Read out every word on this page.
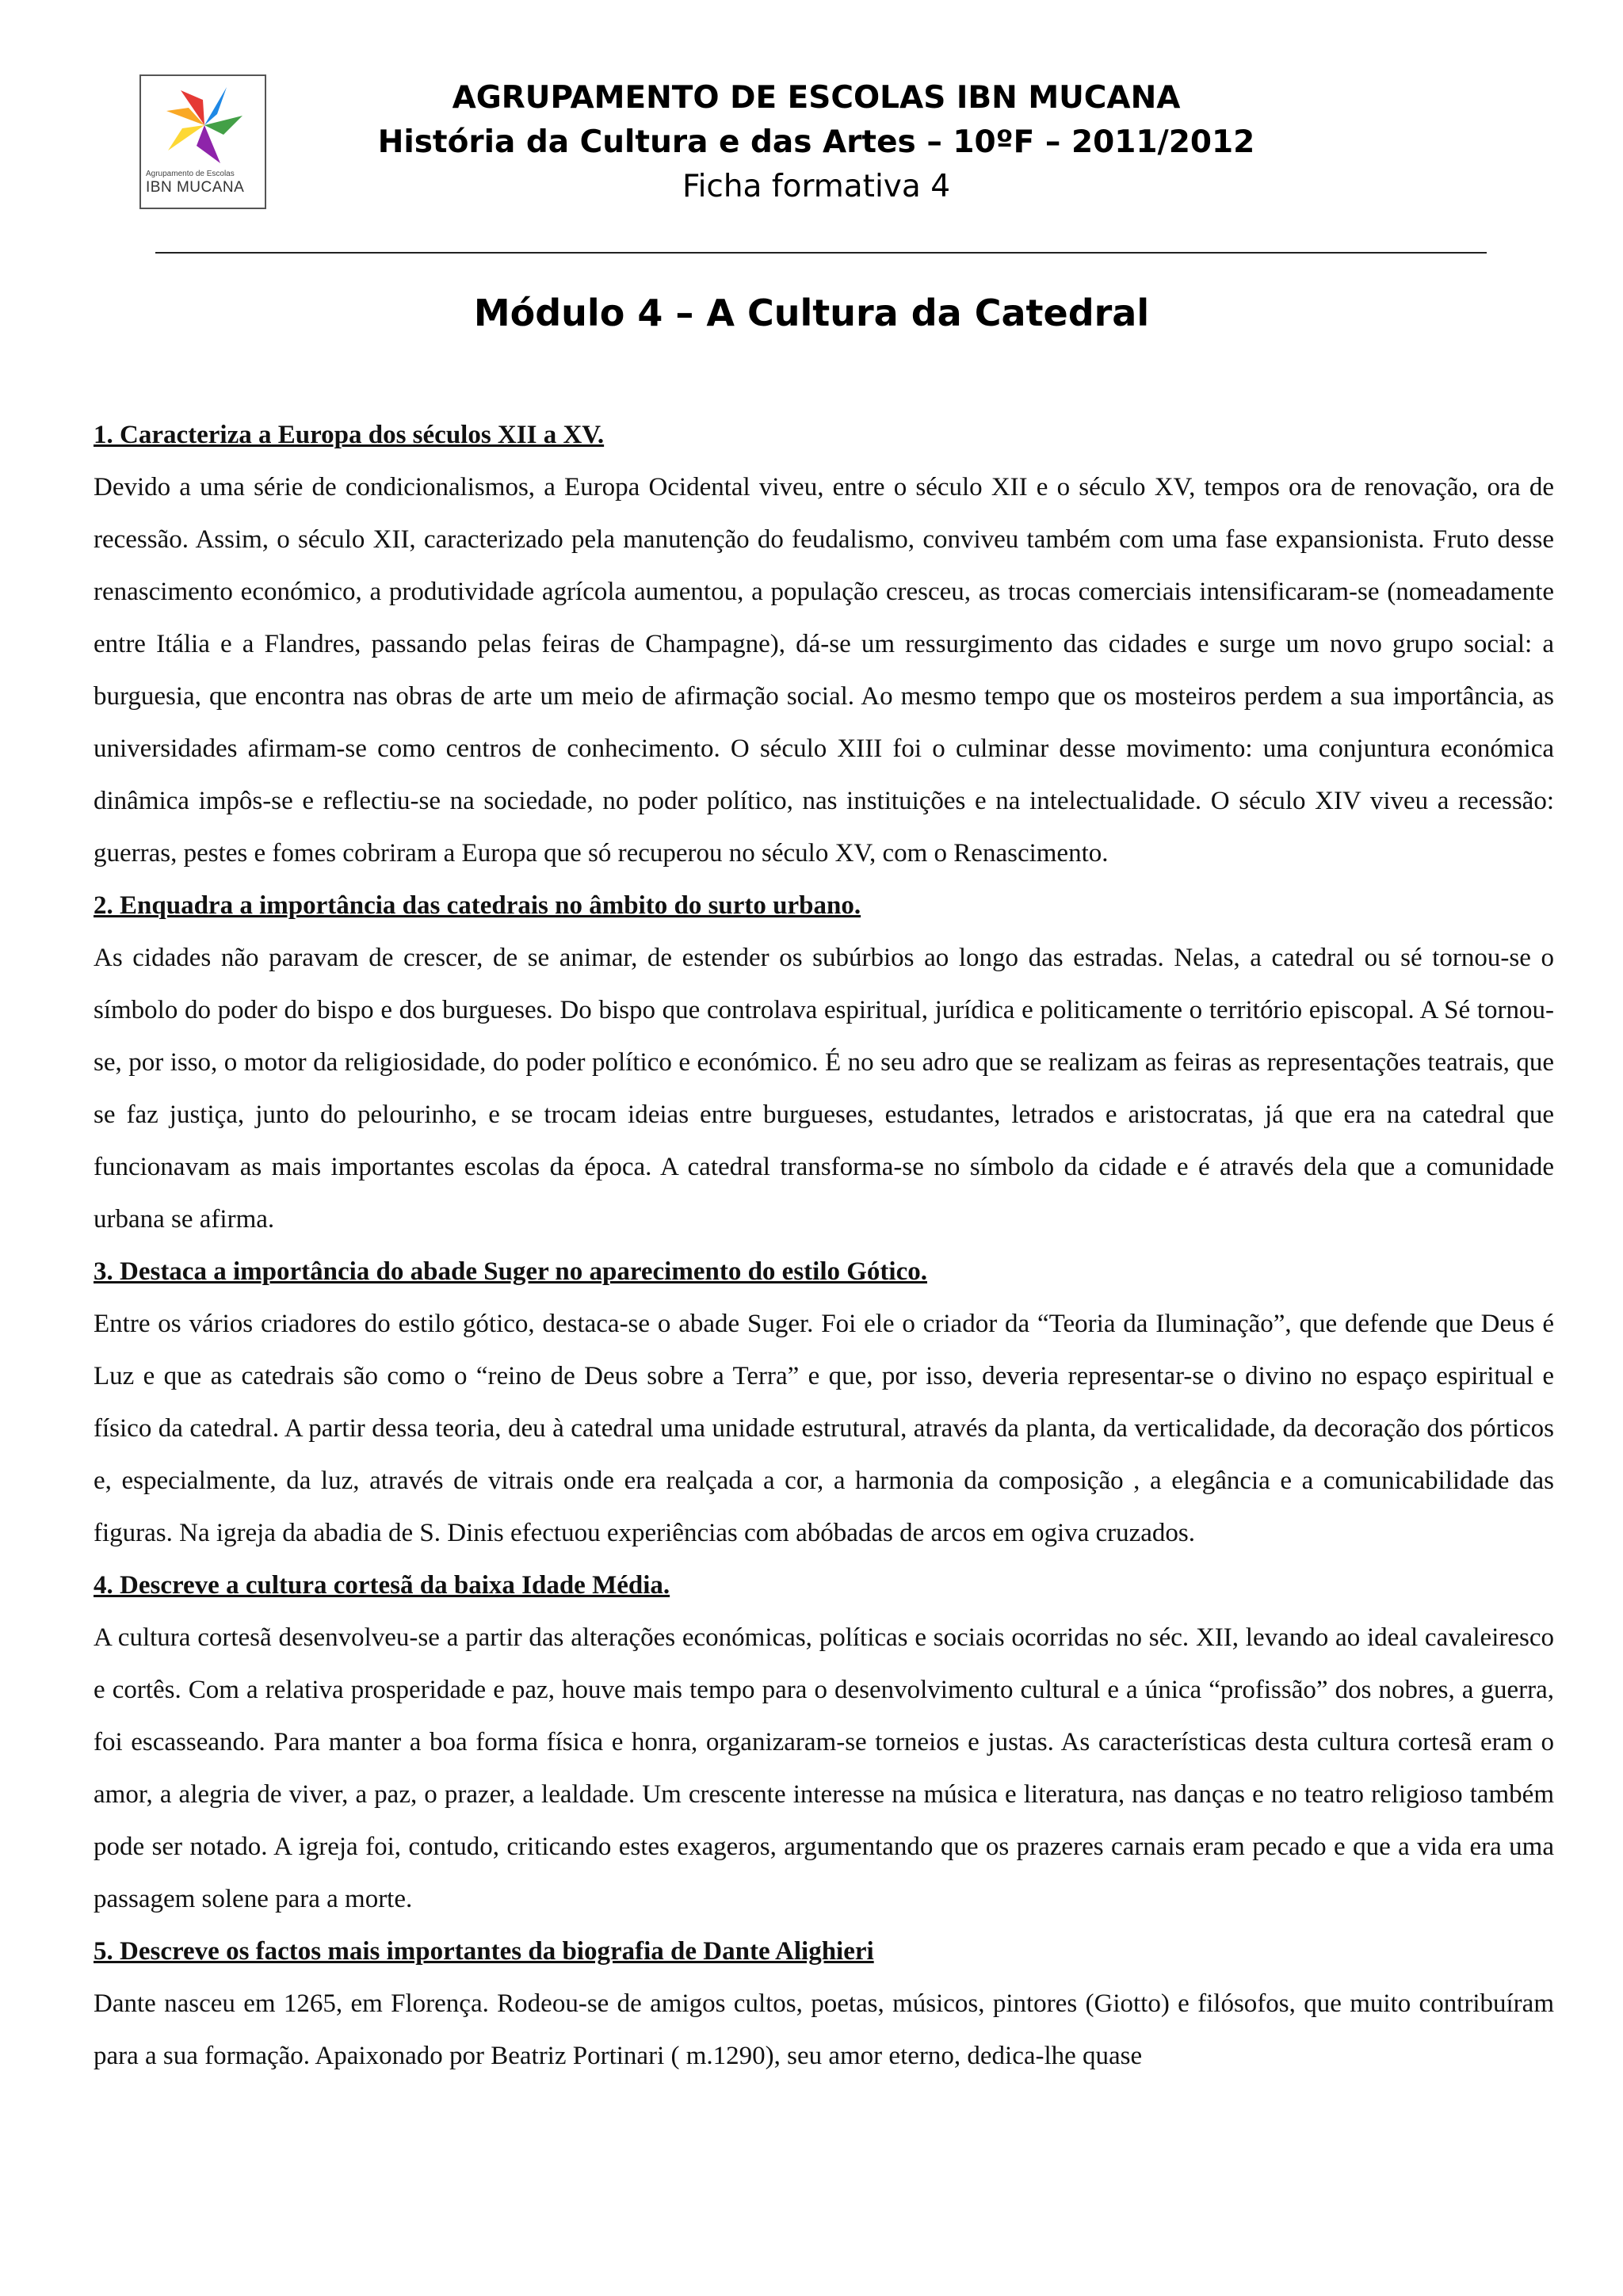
Agrupamento de Escolas
IBN MUCANA
AGRUPAMENTO DE ESCOLAS IBN MUCANA
História da Cultura e das Artes – 10ºF – 2011/2012
Ficha formativa 4
Módulo 4 – A Cultura da Catedral

1. Caracteriza a Europa dos séculos XII a XV.

Devido a uma série de condicionalismos, a Europa Ocidental viveu, entre o século XII e o século XV, tempos ora de renovação, ora de recessão. Assim, o século XII, caracterizado pela manutenção do feudalismo, conviveu também com uma fase expansionista. Fruto desse renascimento económico, a produtividade agrícola aumentou, a população cresceu, as trocas comerciais intensificaram-se (nomeadamente entre Itália e a Flandres, passando pelas feiras de Champagne), dá-se um ressurgimento das cidades e surge um novo grupo social: a burguesia, que encontra nas obras de arte um meio de afirmação social. Ao mesmo tempo que os mosteiros perdem a sua importância, as universidades afirmam-se como centros de conhecimento. O século XIII foi o culminar desse movimento: uma conjuntura económica dinâmica impôs-se e reflectiu-se na sociedade, no poder político, nas instituições e na intelectualidade. O século XIV viveu a recessão: guerras, pestes e fomes cobriram a Europa que só recuperou no século XV, com o Renascimento.

2. Enquadra a importância das catedrais no âmbito do surto urbano.

As cidades não paravam de crescer, de se animar, de estender os subúrbios ao longo das estradas. Nelas, a catedral ou sé tornou-se o símbolo do poder do bispo e dos burgueses. Do bispo que controlava espiritual, jurídica e politicamente o território episcopal. A Sé tornou-se, por isso, o motor da religiosidade, do poder político e económico. É no seu adro que se realizam as feiras as representações teatrais, que se faz justiça, junto do pelourinho, e se trocam ideias entre burgueses, estudantes, letrados e aristocratas, já que era na catedral que funcionavam as mais importantes escolas da época. A catedral transforma-se no símbolo da cidade e é através dela que a comunidade urbana se afirma.

3. Destaca a importância do abade Suger no aparecimento do estilo Gótico.

Entre os vários criadores do estilo gótico, destaca-se o abade Suger. Foi ele o criador da “Teoria da Iluminação”, que defende que Deus é Luz e que as catedrais são como o “reino de Deus sobre a Terra” e que, por isso, deveria representar-se o divino no espaço espiritual e físico da catedral. A partir dessa teoria, deu à catedral uma unidade estrutural, através da planta, da verticalidade, da decoração dos pórticos e, especialmente, da luz, através de vitrais onde era realçada a cor, a harmonia da composição , a elegância e a comunicabilidade das figuras. Na igreja da abadia de S. Dinis efectuou experiências com abóbadas de arcos em ogiva cruzados.

4. Descreve a cultura cortesã da baixa Idade Média.

A cultura cortesã desenvolveu-se a partir das alterações económicas, políticas e sociais ocorridas no séc. XII, levando ao ideal cavaleiresco e cortês. Com a relativa prosperidade e paz, houve mais tempo para o desenvolvimento cultural e a única “profissão” dos nobres, a guerra, foi escasseando. Para manter a boa forma física e honra, organizaram-se torneios e justas. As características desta cultura cortesã eram o amor, a alegria de viver, a paz, o prazer, a lealdade. Um crescente interesse na música e literatura, nas danças e no teatro religioso também pode ser notado. A igreja foi, contudo, criticando estes exageros, argumentando que os prazeres carnais eram pecado e que a vida era uma passagem solene para a morte.

5. Descreve os factos mais importantes da biografia de Dante Alighieri

Dante nasceu em 1265, em Florença. Rodeou-se de amigos cultos, poetas, músicos, pintores (Giotto) e filósofos, que muito contribuíram para a sua formação. Apaixonado por Beatriz Portinari ( m.1290), seu amor eterno, dedica-lhe quase
